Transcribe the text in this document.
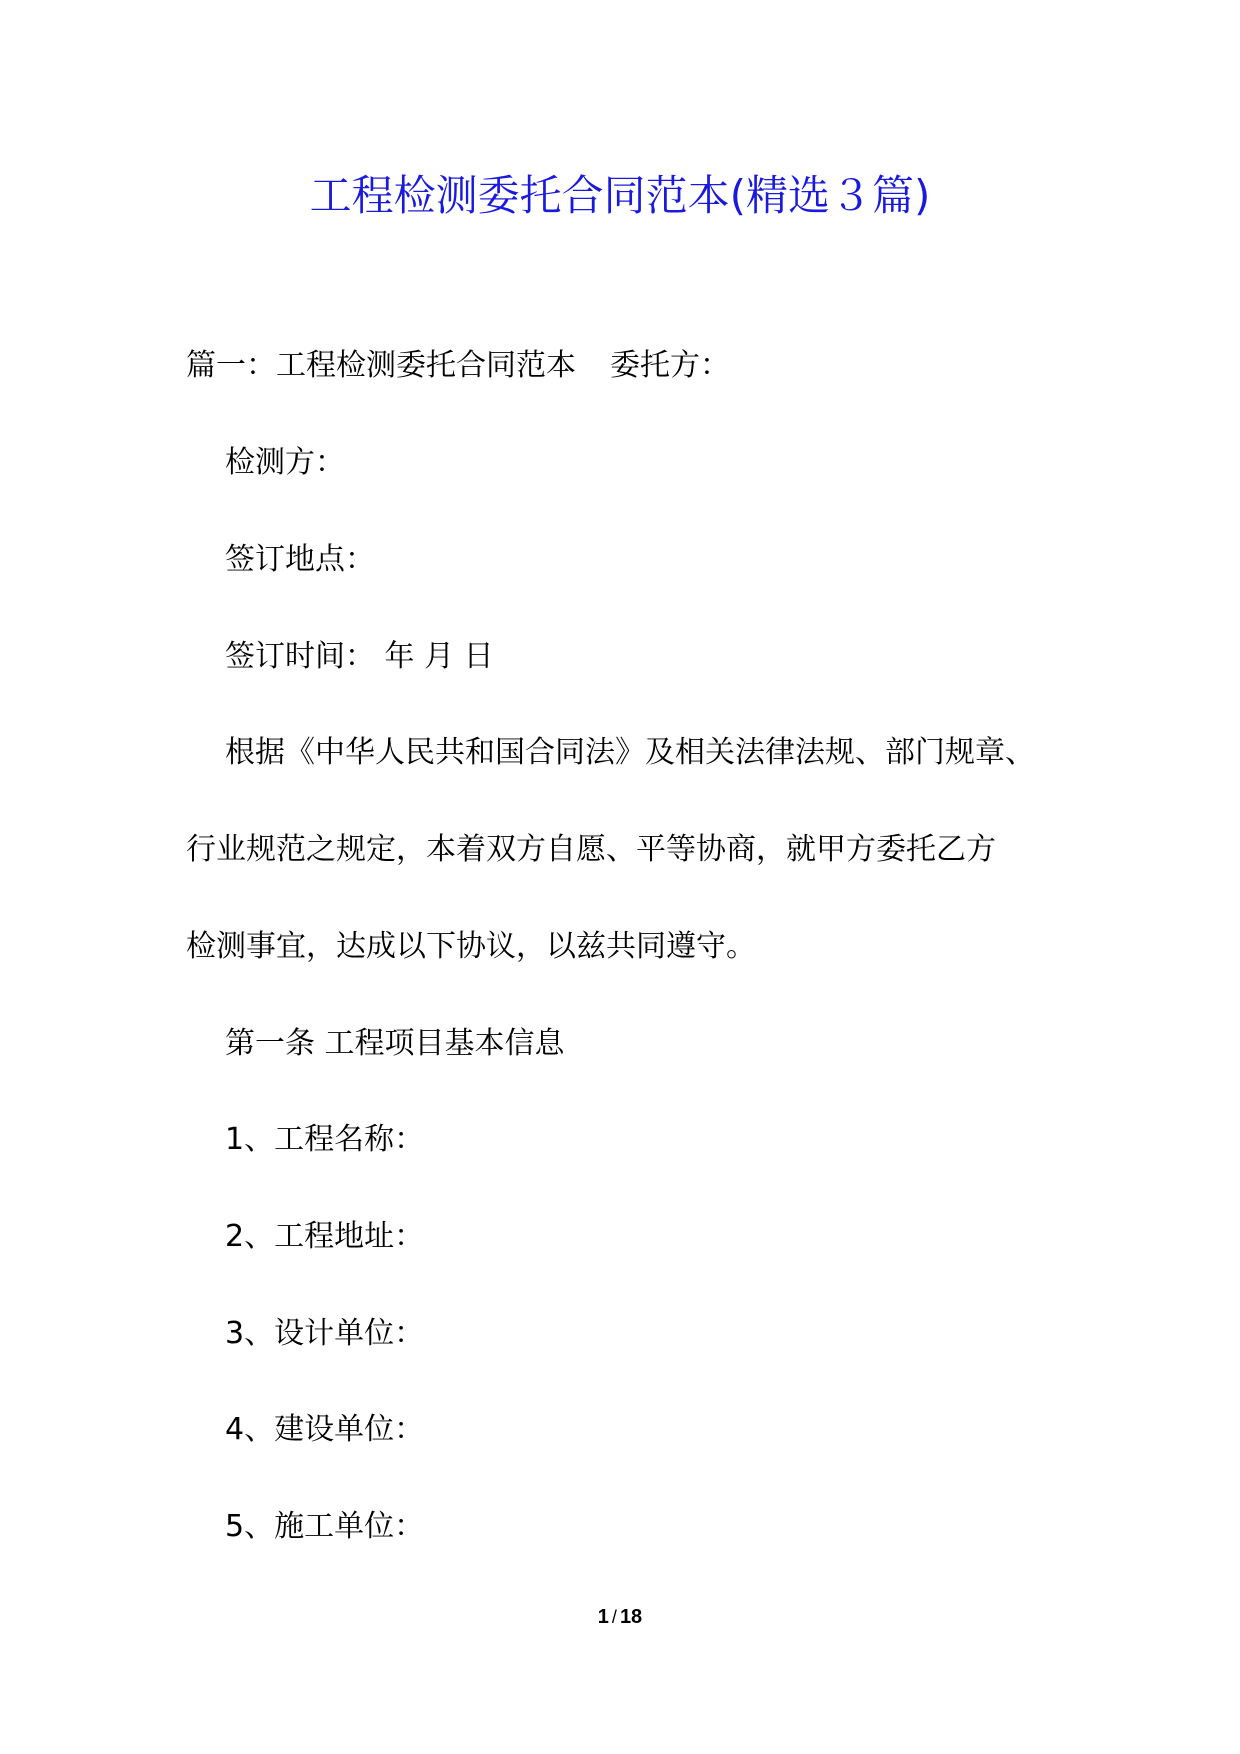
工程检测委托合同范本(精选３篇)
篇一：工程检测委托合同范本 委托方：
检测方：
签订地点：
签订时间： 年 月 日
根据《中华人民共和国合同法》及相关法律法规、部门规章、
行业规范之规定，本着双方自愿、平等协商，就甲方委托乙方
检测事宜，达成以下协议，以兹共同遵守。
第一条 工程项目基本信息
1、工程名称：
2、工程地址：
3、设计单位：
4、建设单位：
5、施工单位：
1 / 18
